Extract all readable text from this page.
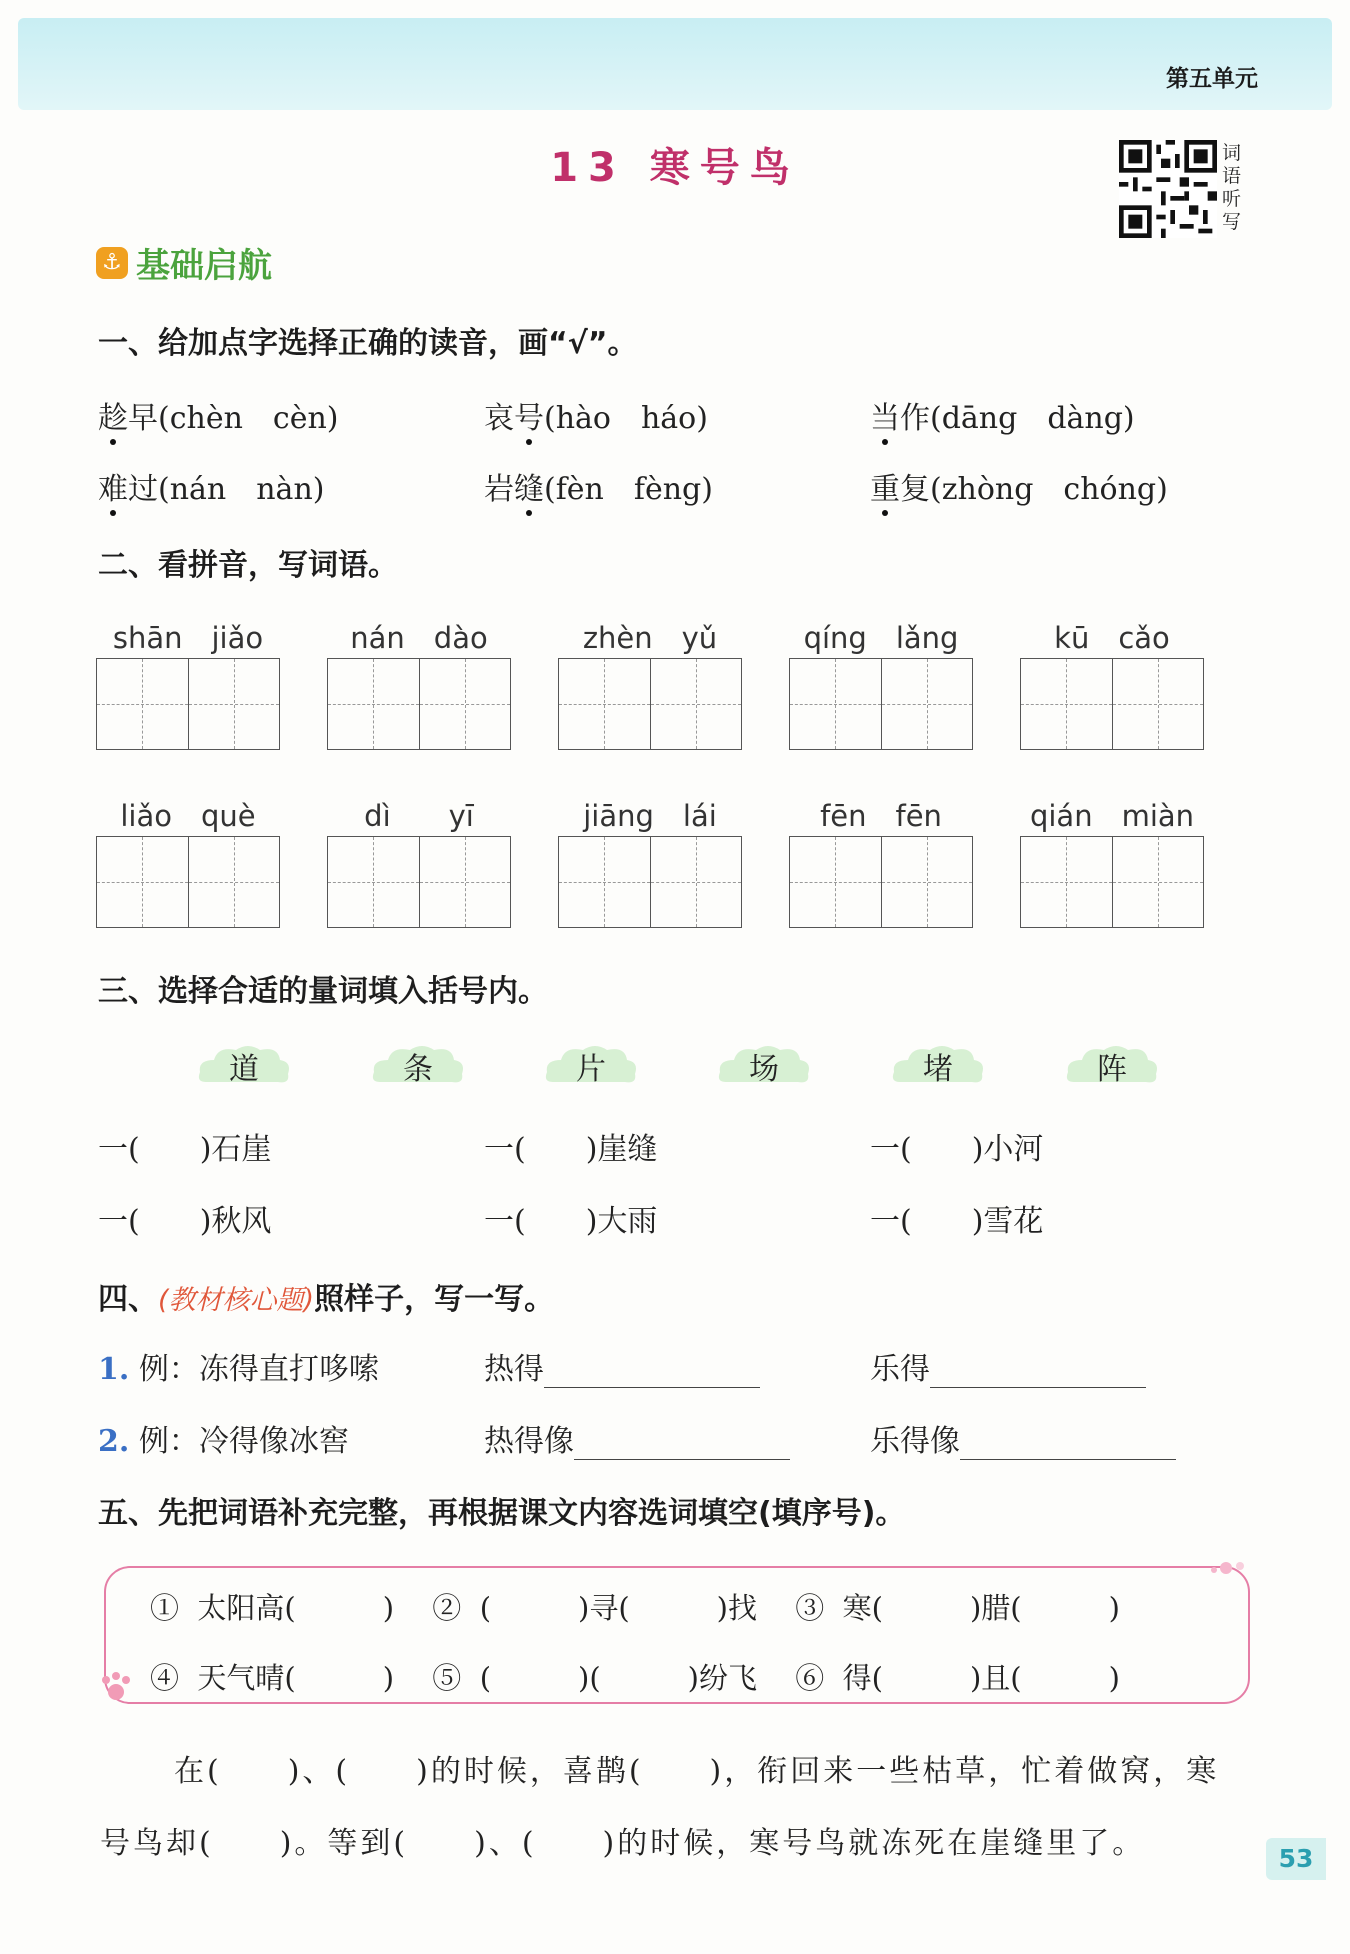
第五单元
13 寒号鸟	词语听写
⚓ 基础启航
一、给加点字选择正确的读音，画“√”。
趁早(chèn　cèn)	哀号(hào　háo)	当作(dāng　dàng)
难过(nán　nàn)	岩缝(fèn　fèng)	重复(zhòng　chóng)
二、看拼音，写词语。
shān　jiǎo	nán　dào	zhèn　yǔ	qíng　lǎng	kū　cǎo
liǎo　què	dì　　yī	jiāng　lái	fēn　fēn	qián　miàn
三、选择合适的量词填入括号内。
道	条	片	场	堵	阵
一(　　)石崖	一(　　)崖缝	一(　　)小河
一(　　)秋风	一(　　)大雨	一(　　)雪花
四、(教材核心题)照样子，写一写。
1. 例：冻得直打哆嗦	热得	乐得
2. 例：冷得像冰窖	热得像	乐得像
五、先把词语补充完整，再根据课文内容选词填空(填序号)。
①  太阳高(　　　)　 ②  (　　　)寻(　　　)找　 ③  寒(　　　)腊(　　　)
④  天气晴(　　　)　 ⑤  (　　　)(　　　)纷飞　 ⑥  得(　　　)且(　　　)
在(　　)、(　　)的时候，喜鹊(　　)，衔回来一些枯草，忙着做窝，寒
号鸟却(　　)。等到(　　)、(　　)的时候，寒号鸟就冻死在崖缝里了。	53
